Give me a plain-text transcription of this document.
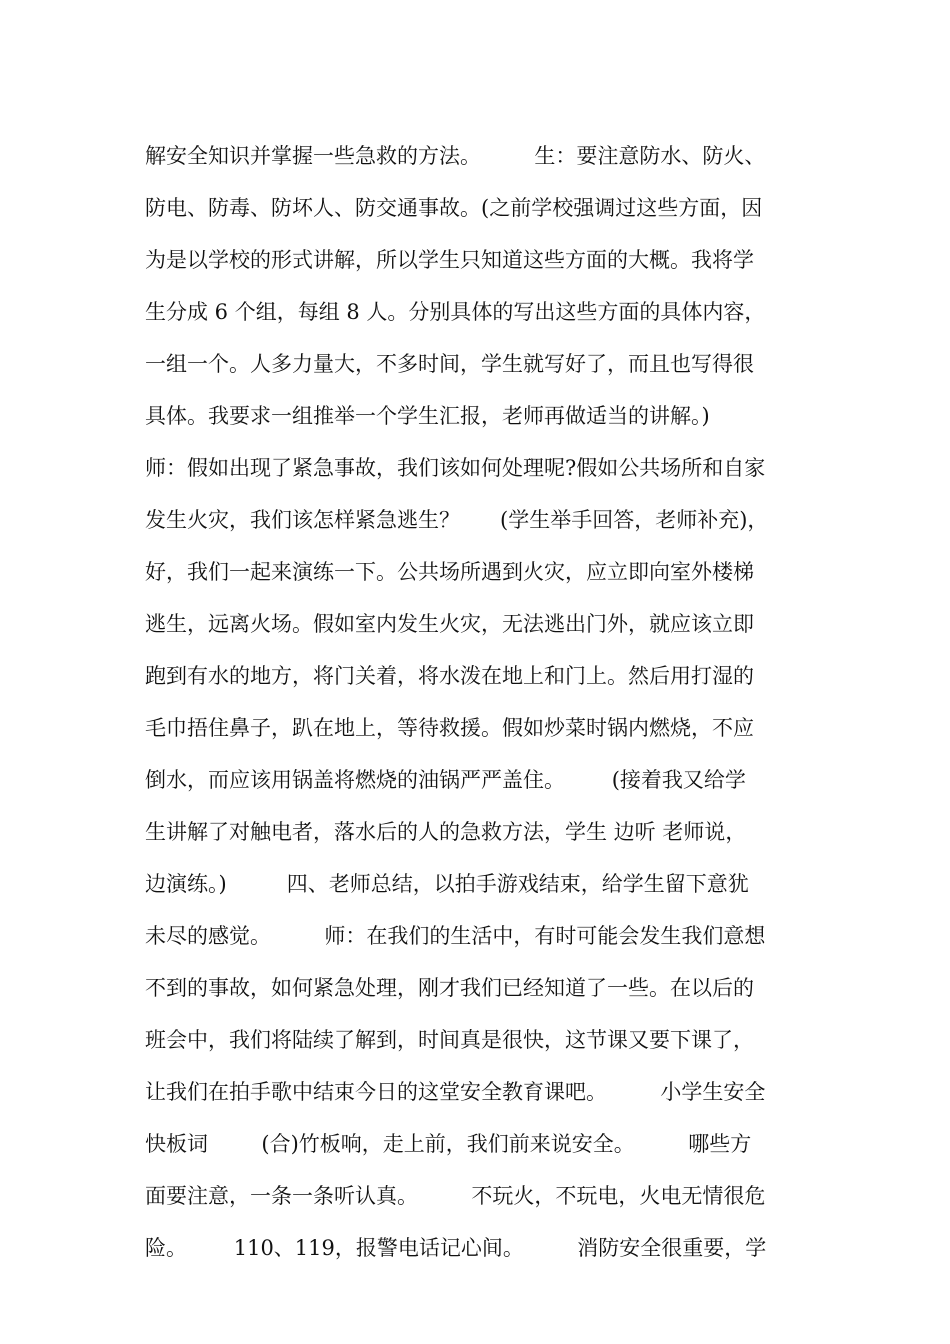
解安全知识并掌握一些急救的方法。        生：要注意防水、防火、
防电、防毒、防坏人、防交通事故。(之前学校强调过这些方面，因
为是以学校的形式讲解，所以学生只知道这些方面的大概。我将学
生分成 6 个组，每组 8 人。分别具体的写出这些方面的具体内容，
一组一个。人多力量大，不多时间，学生就写好了，而且也写得很
具体。我要求一组推举一个学生汇报，老师再做适当的讲解。)
师：假如出现了紧急事故，我们该如何处理呢?假如公共场所和自家
发生火灾，我们该怎样紧急逃生？      (学生举手回答，老师补充)，
好，我们一起来演练一下。公共场所遇到火灾，应立即向室外楼梯
逃生，远离火场。假如室内发生火灾，无法逃出门外，就应该立即
跑到有水的地方，将门关着，将水泼在地上和门上。然后用打湿的
毛巾捂住鼻子，趴在地上，等待救援。假如炒菜时锅内燃烧，不应
倒水，而应该用锅盖将燃烧的油锅严严盖住。       (接着我又给学
生讲解了对触电者，落水后的人的急救方法，学生 边听 老师说，
边演练。)         四、老师总结，以拍手游戏结束，给学生留下意犹
未尽的感觉。        师：在我们的生活中，有时可能会发生我们意想
不到的事故，如何紧急处理，刚才我们已经知道了一些。在以后的
班会中，我们将陆续了解到，时间真是很快，这节课又要下课了，
让我们在拍手歌中结束今日的这堂安全教育课吧。        小学生安全
快板词        (合)竹板响，走上前，我们前来说安全。        哪些方
面要注意，一条一条听认真。        不玩火，不玩电，火电无情很危
险。       110、119，报警电话记心间。        消防安全很重要，学
